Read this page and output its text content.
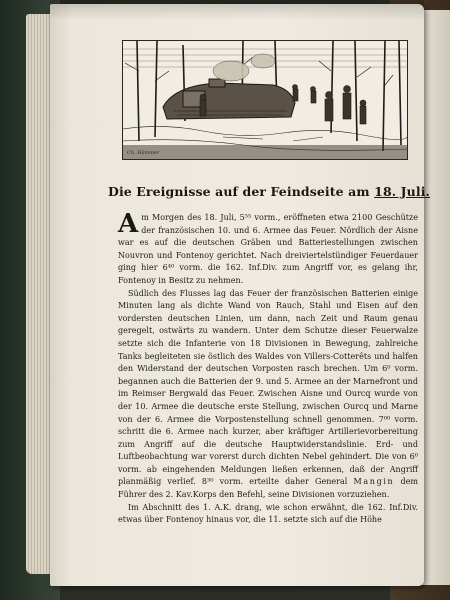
Ch. Hämmer
Die Ereignisse auf der Feindseite am 18. Juli.

Am Morgen des 18. Juli, 5⁵⁵ vorm., eröffneten etwa 2100 Geschütze der französischen 10. und 6. Armee das Feuer. Nördlich der Aisne war es auf die deutschen Gräben und Batteriestellungen zwischen Nouvron und Fontenoy gerichtet. Nach dreiviertelstündiger Feuerdauer ging hier 6⁴⁰ vorm. die 162. Inf.Div. zum Angriff vor, es gelang ihr, Fontenoy in Besitz zu nehmen.

Südlich des Flusses lag das Feuer der französischen Batterien einige Minuten lang als dichte Wand von Rauch, Stahl und Eisen auf den vordersten deutschen Linien, um dann, nach Zeit und Raum genau geregelt, ostwärts zu wandern. Unter dem Schutze dieser Feuerwalze setzte sich die Infanterie von 18 Divisionen in Bewegung, zahlreiche Tanks begleiteten sie östlich des Waldes von Villers-Cotterêts und halfen den Widerstand der deutschen Vorposten rasch brechen. Um 6⁰ vorm. begannen auch die Batterien der 9. und 5. Armee an der Marnefront und im Reimser Bergwald das Feuer. Zwischen Aisne und Ourcq wurde von der 10. Armee die deutsche erste Stellung, zwischen Ourcq und Marne von der 6. Armee die Vorpostenstellung schnell genommen. 7⁰⁰ vorm. schritt die 6. Armee nach kurzer, aber kräftiger Artillerievorbereitung zum Angriff auf die deutsche Hauptwiderstandslinie. Erd- und Luftbeobachtung war vorerst durch dichten Nebel gehindert. Die von 6⁰ vorm. ab eingehenden Meldungen ließen erkennen, daß der Angriff planmäßig verlief. 8³⁰ vorm. erteilte daher General Mangin dem Führer des 2. Kav.Korps den Befehl, seine Divisionen vorzuziehen.

Im Abschnitt des 1. A.K. drang, wie schon erwähnt, die 162. Inf.Div. etwas über Fontenoy hinaus vor, die 11. setzte sich auf die Höhe
